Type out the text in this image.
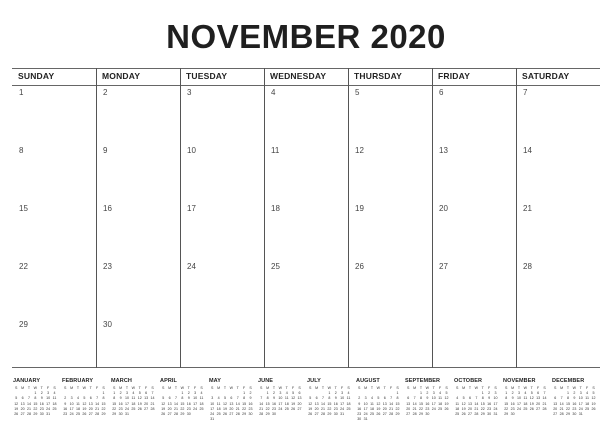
NOVEMBER 2020
SUNDAY	MONDAY	TUESDAY	WEDNESDAY	THURSDAY	FRIDAY	SATURDAY
1	2	3	4	5	6	7
8	9	10	11	12	13	14
15	16	17	18	19	20	21
22	23	24	25	26	27	28
29	30
JANUARY
S	M	T	W	T	F	S
			1	2	3	4
5	6	7	8	9	10	11
12	13	14	15	16	17	18
19	20	21	22	23	24	25
26	27	28	29	30	31	
FEBRUARY
S	M	T	W	T	F	S
						1
2	3	4	5	6	7	8
9	10	11	12	13	14	15
16	17	18	19	20	21	22
23	24	25	26	27	28	29
MARCH
S	M	T	W	T	F	S
1	2	3	4	5	6	7
8	9	10	11	12	13	14
15	16	17	18	19	20	21
22	23	24	25	26	27	28
29	30	31				
APRIL
S	M	T	W	T	F	S
			1	2	3	4
5	6	7	8	9	10	11
12	13	14	15	16	17	18
19	20	21	22	23	24	25
26	27	28	29	30		
MAY
S	M	T	W	T	F	S
					1	2
3	4	5	6	7	8	9
10	11	12	13	14	15	16
17	18	19	20	21	22	23
24	25	26	27	28	29	30
31						
JUNE
S	M	T	W	T	F	S
	1	2	3	4	5	6
7	8	9	10	11	12	13
14	15	16	17	18	19	20
21	22	23	24	25	26	27
28	29	30				
JULY
S	M	T	W	T	F	S
			1	2	3	4
5	6	7	8	9	10	11
12	13	14	15	16	17	18
19	20	21	22	23	24	25
26	27	28	29	30	31	
AUGUST
S	M	T	W	T	F	S
						1
2	3	4	5	6	7	8
9	10	11	12	13	14	15
16	17	18	19	20	21	22
23	24	25	26	27	28	29
30	31					
SEPTEMBER
S	M	T	W	T	F	S
		1	2	3	4	5
6	7	8	9	10	11	12
13	14	15	16	17	18	19
20	21	22	23	24	25	26
27	28	29	30			
OCTOBER
S	M	T	W	T	F	S
				1	2	3
4	5	6	7	8	9	10
11	12	13	14	15	16	17
18	19	20	21	22	23	24
25	26	27	28	29	30	31
NOVEMBER
S	M	T	W	T	F	S
1	2	3	4	5	6	7
8	9	10	11	12	13	14
15	16	17	18	19	20	21
22	23	24	25	26	27	28
29	30					
DECEMBER
S	M	T	W	T	F	S
		1	2	3	4	5
6	7	8	9	10	11	12
13	14	15	16	17	18	19
20	21	22	23	24	25	26
27	28	29	30	31		
